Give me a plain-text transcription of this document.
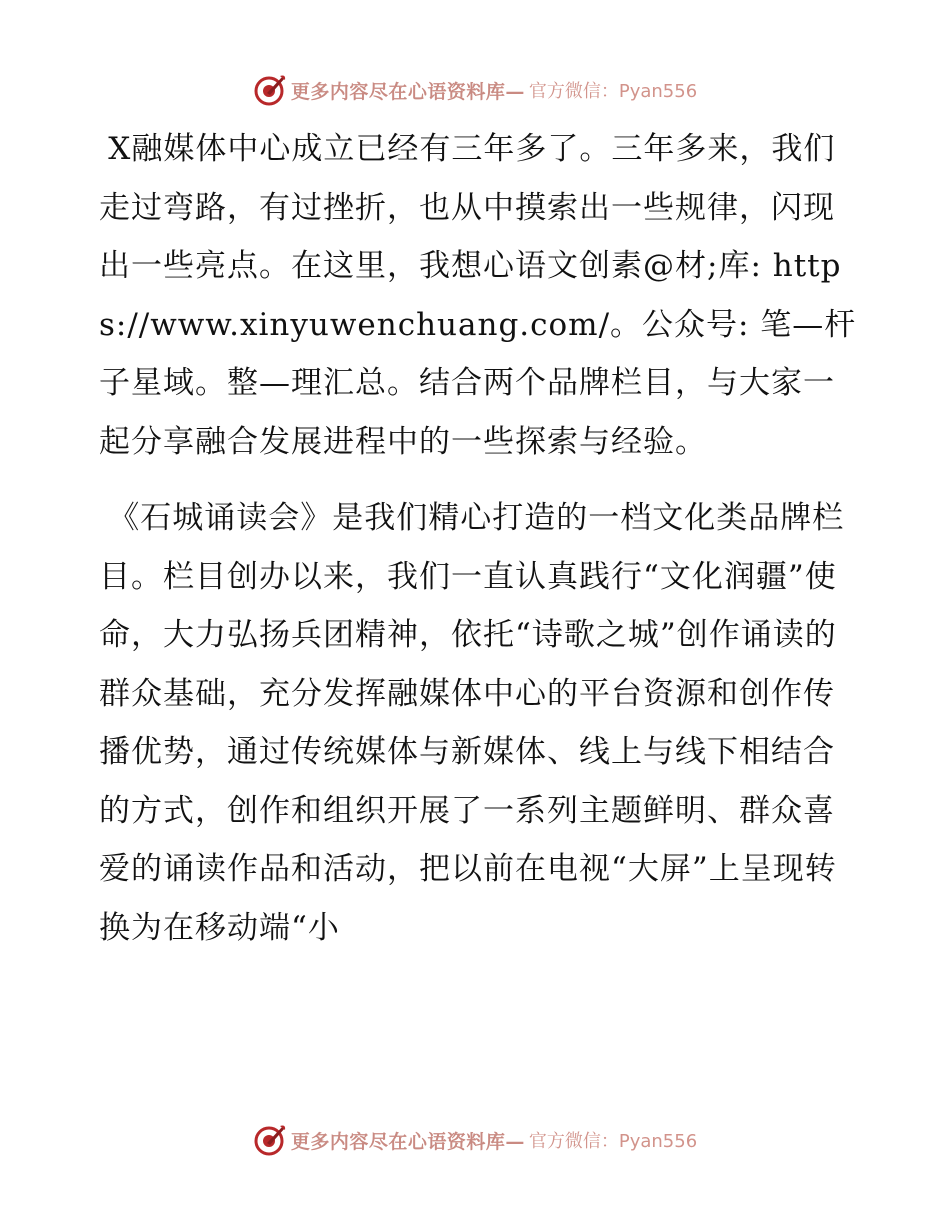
更多内容尽在心语资料库— 官方微信：Pyan556

X融媒体中心成立已经有三年多了。三年多来，我们走过弯路，有过挫折，也从中摸索出一些规律，闪现出一些亮点。在这里，我想心语文创素@材;库: https://www.xinyuwenchuang.com/。公众号: 笔—杆子星域。整—理汇总。结合两个品牌栏目，与大家一起分享融合发展进程中的一些探索与经验。

《石城诵读会》是我们精心打造的一档文化类品牌栏目。栏目创办以来，我们一直认真践行“文化润疆”使命，大力弘扬兵团精神，依托“诗歌之城”创作诵读的群众基础，充分发挥融媒体中心的平台资源和创作传播优势，通过传统媒体与新媒体、线上与线下相结合的方式，创作和组织开展了一系列主题鲜明、群众喜爱的诵读作品和活动，把以前在电视“大屏”上呈现转换为在移动端“小

更多内容尽在心语资料库— 官方微信：Pyan556
